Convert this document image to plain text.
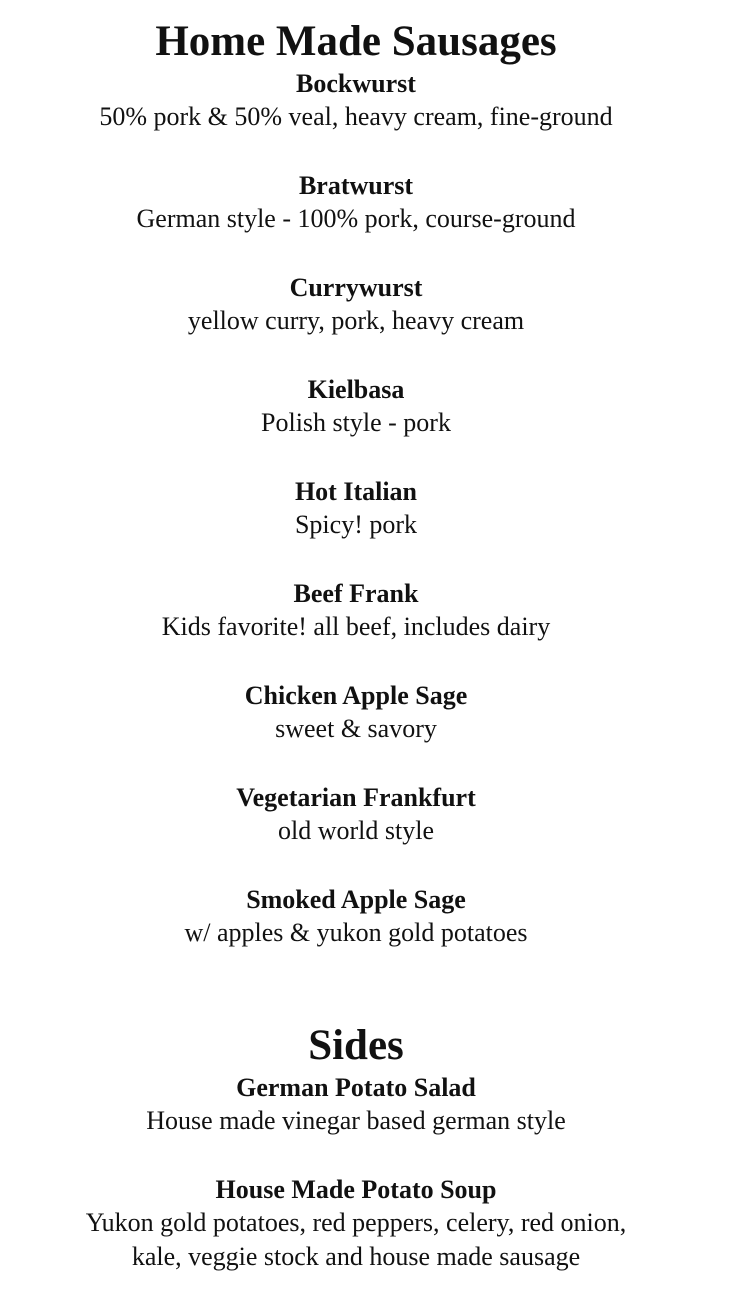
Home Made Sausages
Bockwurst
50% pork & 50% veal, heavy cream, fine-ground
Bratwurst
German style - 100% pork, course-ground
Currywurst
yellow curry, pork, heavy cream
Kielbasa
Polish style - pork
Hot Italian
Spicy! pork
Beef Frank
Kids favorite! all beef, includes dairy
Chicken Apple Sage
sweet & savory
Vegetarian Frankfurt
old world style
Smoked Apple Sage
w/ apples & yukon gold potatoes
Sides
German Potato Salad
House made vinegar based german style
House Made Potato Soup
Yukon gold potatoes, red peppers, celery, red onion,
kale, veggie stock and house made sausage
